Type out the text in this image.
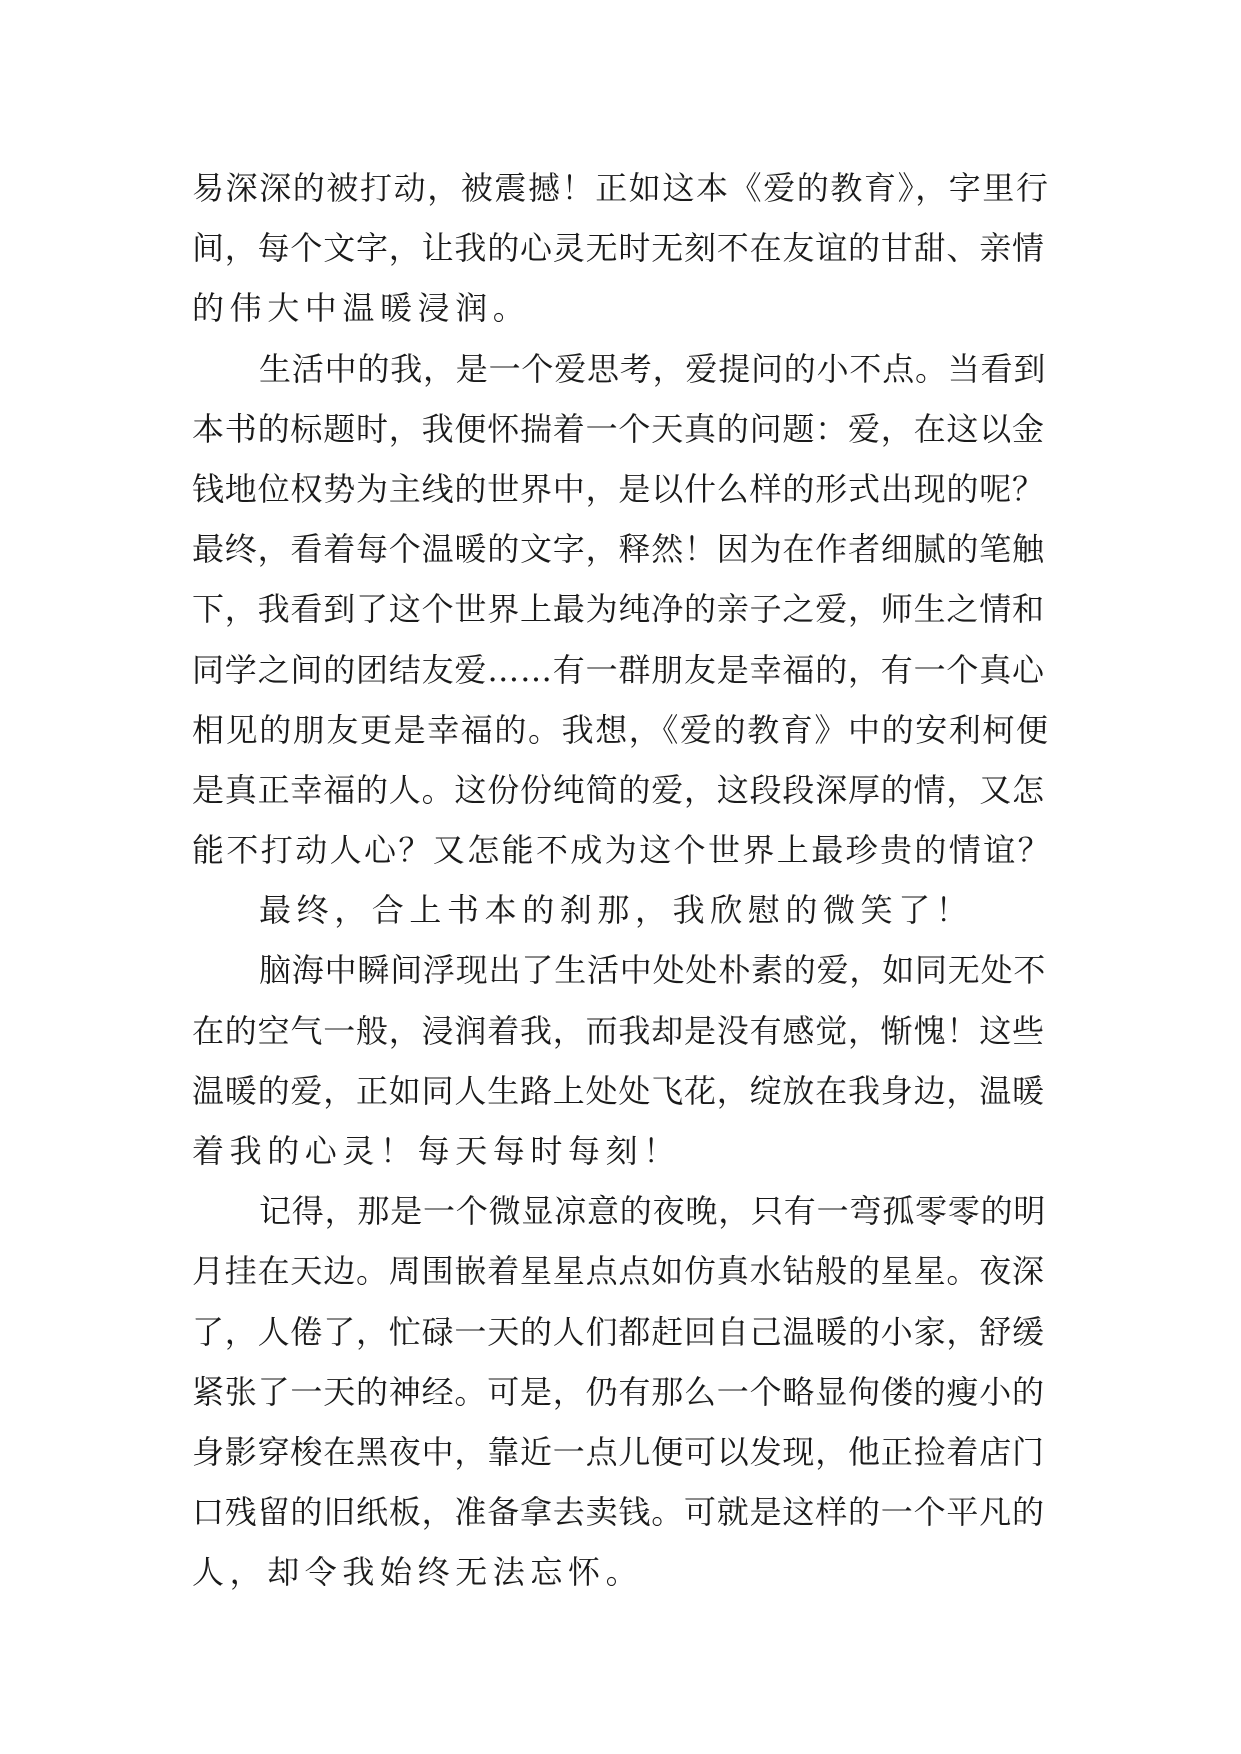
易深深的被打动，被震撼！正如这本《爱的教育》，字里行
间，每个文字，让我的心灵无时无刻不在友谊的甘甜、亲情
的伟大中温暖浸润。
生活中的我，是一个爱思考，爱提问的小不点。当看到
本书的标题时，我便怀揣着一个天真的问题：爱，在这以金
钱地位权势为主线的世界中，是以什么样的形式出现的呢？
最终，看着每个温暖的文字，释然！因为在作者细腻的笔触
下，我看到了这个世界上最为纯净的亲子之爱，师生之情和
同学之间的团结友爱……有一群朋友是幸福的，有一个真心
相见的朋友更是幸福的。我想，《爱的教育》中的安利柯便
是真正幸福的人。这份份纯简的爱，这段段深厚的情，又怎
能不打动人心？又怎能不成为这个世界上最珍贵的情谊？
最终，合上书本的刹那，我欣慰的微笑了！
脑海中瞬间浮现出了生活中处处朴素的爱，如同无处不
在的空气一般，浸润着我，而我却是没有感觉，惭愧！这些
温暖的爱，正如同人生路上处处飞花，绽放在我身边，温暖
着我的心灵！每天每时每刻！
记得，那是一个微显凉意的夜晚，只有一弯孤零零的明
月挂在天边。周围嵌着星星点点如仿真水钻般的星星。夜深
了，人倦了，忙碌一天的人们都赶回自己温暖的小家，舒缓
紧张了一天的神经。可是，仍有那么一个略显佝偻的瘦小的
身影穿梭在黑夜中，靠近一点儿便可以发现，他正捡着店门
口残留的旧纸板，准备拿去卖钱。可就是这样的一个平凡的
人，却令我始终无法忘怀。
